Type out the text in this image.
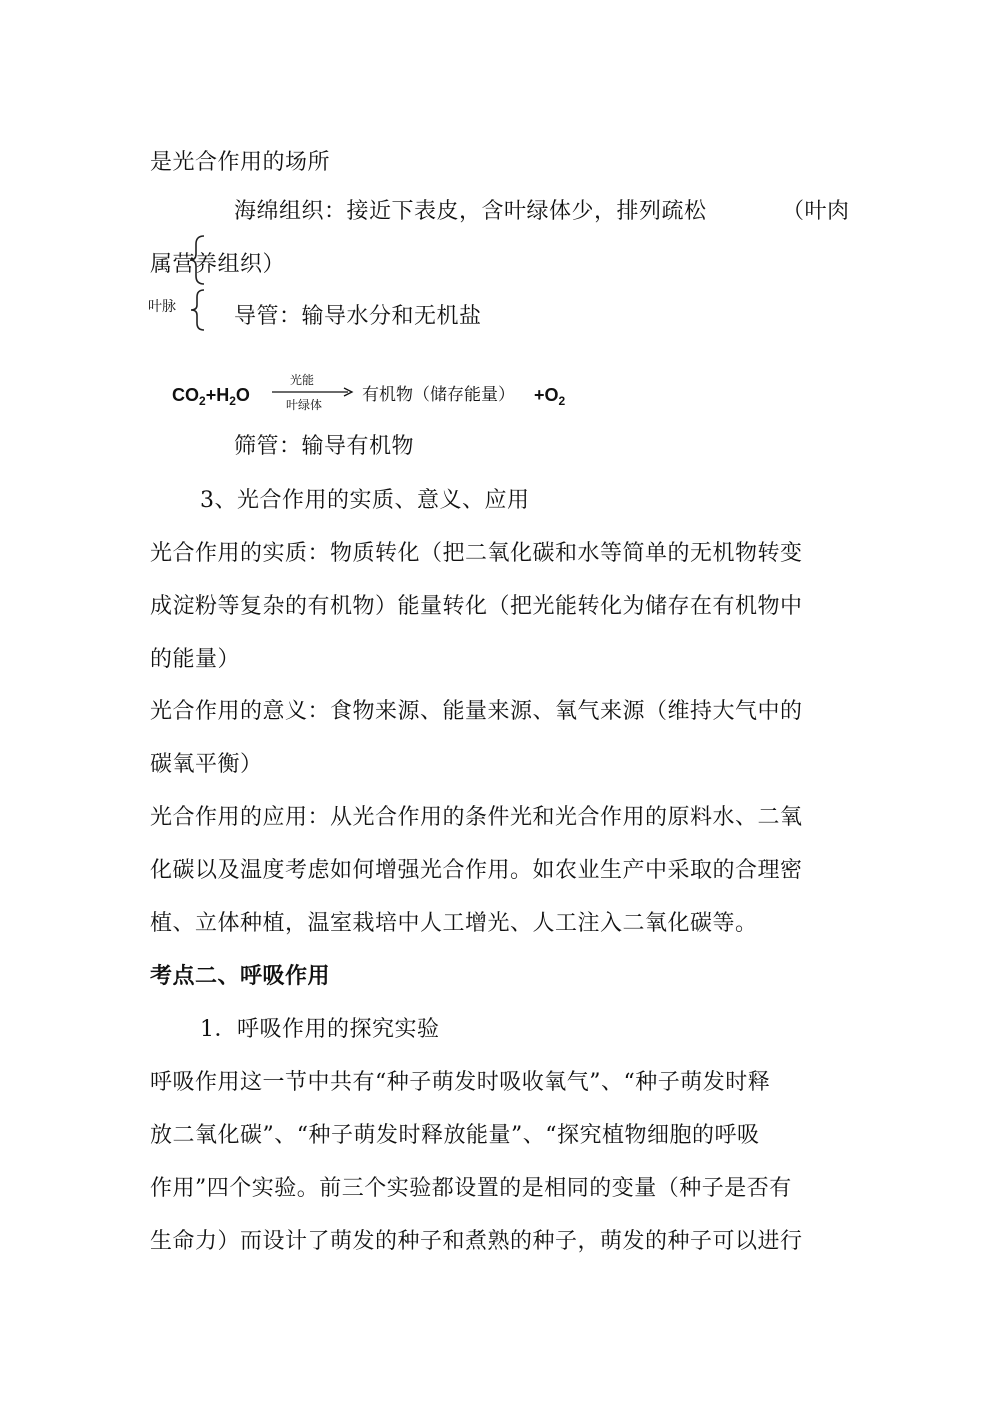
是光合作用的场所
海绵组织：接近下表皮，含叶绿体少，排列疏松	（叶肉
属营养组织）
叶脉	导管：输导水分和无机盐
$CO_2+H_2O$
光能
叶绿体 有机物（储存能量） $+O_2$
筛管：输导有机物
3、光合作用的实质、意义、应用
光合作用的实质：物质转化（把二氧化碳和水等简单的无机物转变
成淀粉等复杂的有机物）能量转化（把光能转化为储存在有机物中
的能量）
光合作用的意义：食物来源、能量来源、氧气来源（维持大气中的
碳氧平衡）
光合作用的应用：从光合作用的条件光和光合作用的原料水、二氧
化碳以及温度考虑如何增强光合作用。如农业生产中采取的合理密
植、立体种植，温室栽培中人工增光、人工注入二氧化碳等。
考点二、呼吸作用
1．呼吸作用的探究实验
呼吸作用这一节中共有“种子萌发时吸收氧气”、“种子萌发时释
放二氧化碳”、“种子萌发时释放能量”、“探究植物细胞的呼吸
作用”四个实验。前三个实验都设置的是相同的变量（种子是否有
生命力）而设计了萌发的种子和煮熟的种子，萌发的种子可以进行
